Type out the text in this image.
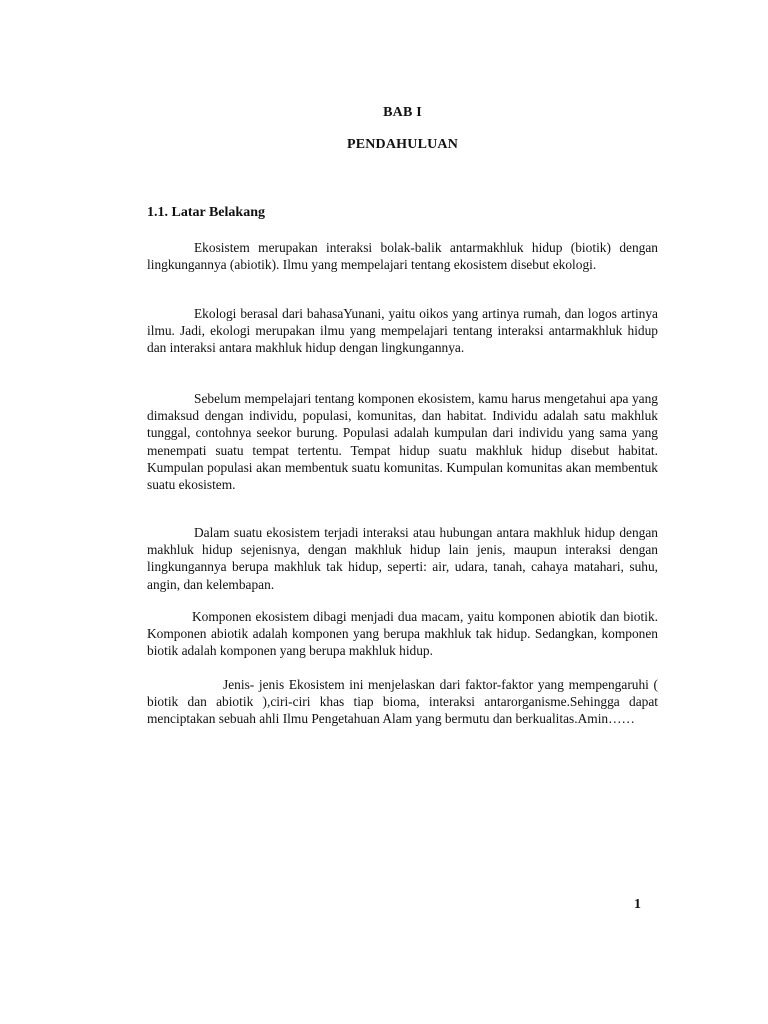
BAB I
PENDAHULUAN
1.1. Latar Belakang

Ekosistem merupakan interaksi bolak-balik antarmakhluk hidup (biotik) dengan lingkungannya (abiotik). Ilmu yang mempelajari tentang ekosistem disebut ekologi.

Ekologi berasal dari bahasaYunani, yaitu oikos yang artinya rumah, dan logos artinya ilmu. Jadi, ekologi merupakan ilmu yang mempelajari tentang interaksi antarmakhluk hidup dan interaksi antara makhluk hidup dengan lingkungannya.

Sebelum mempelajari tentang komponen ekosistem, kamu harus mengetahui apa yang dimaksud dengan individu, populasi, komunitas, dan habitat. Individu adalah satu makhluk tunggal, contohnya seekor burung. Populasi adalah kumpulan dari individu yang sama yang menempati suatu tempat tertentu. Tempat hidup suatu makhluk hidup disebut habitat. Kumpulan populasi akan membentuk suatu komunitas. Kumpulan komunitas akan membentuk suatu ekosistem.

Dalam suatu ekosistem terjadi interaksi atau hubungan antara makhluk hidup dengan makhluk hidup sejenisnya, dengan makhluk hidup lain jenis, maupun interaksi dengan lingkungannya berupa makhluk tak hidup, seperti: air, udara, tanah, cahaya matahari, suhu, angin, dan kelembapan.

Komponen ekosistem dibagi menjadi dua macam, yaitu komponen abiotik dan biotik. Komponen abiotik adalah komponen yang berupa makhluk tak hidup. Sedangkan, komponen biotik adalah komponen yang berupa makhluk hidup.

Jenis- jenis Ekosistem ini menjelaskan dari faktor-faktor yang mempengaruhi ( biotik dan abiotik ),ciri-ciri khas tiap bioma, interaksi antarorganisme.Sehingga dapat menciptakan sebuah ahli Ilmu Pengetahuan Alam yang bermutu dan berkualitas.Amin……

1
